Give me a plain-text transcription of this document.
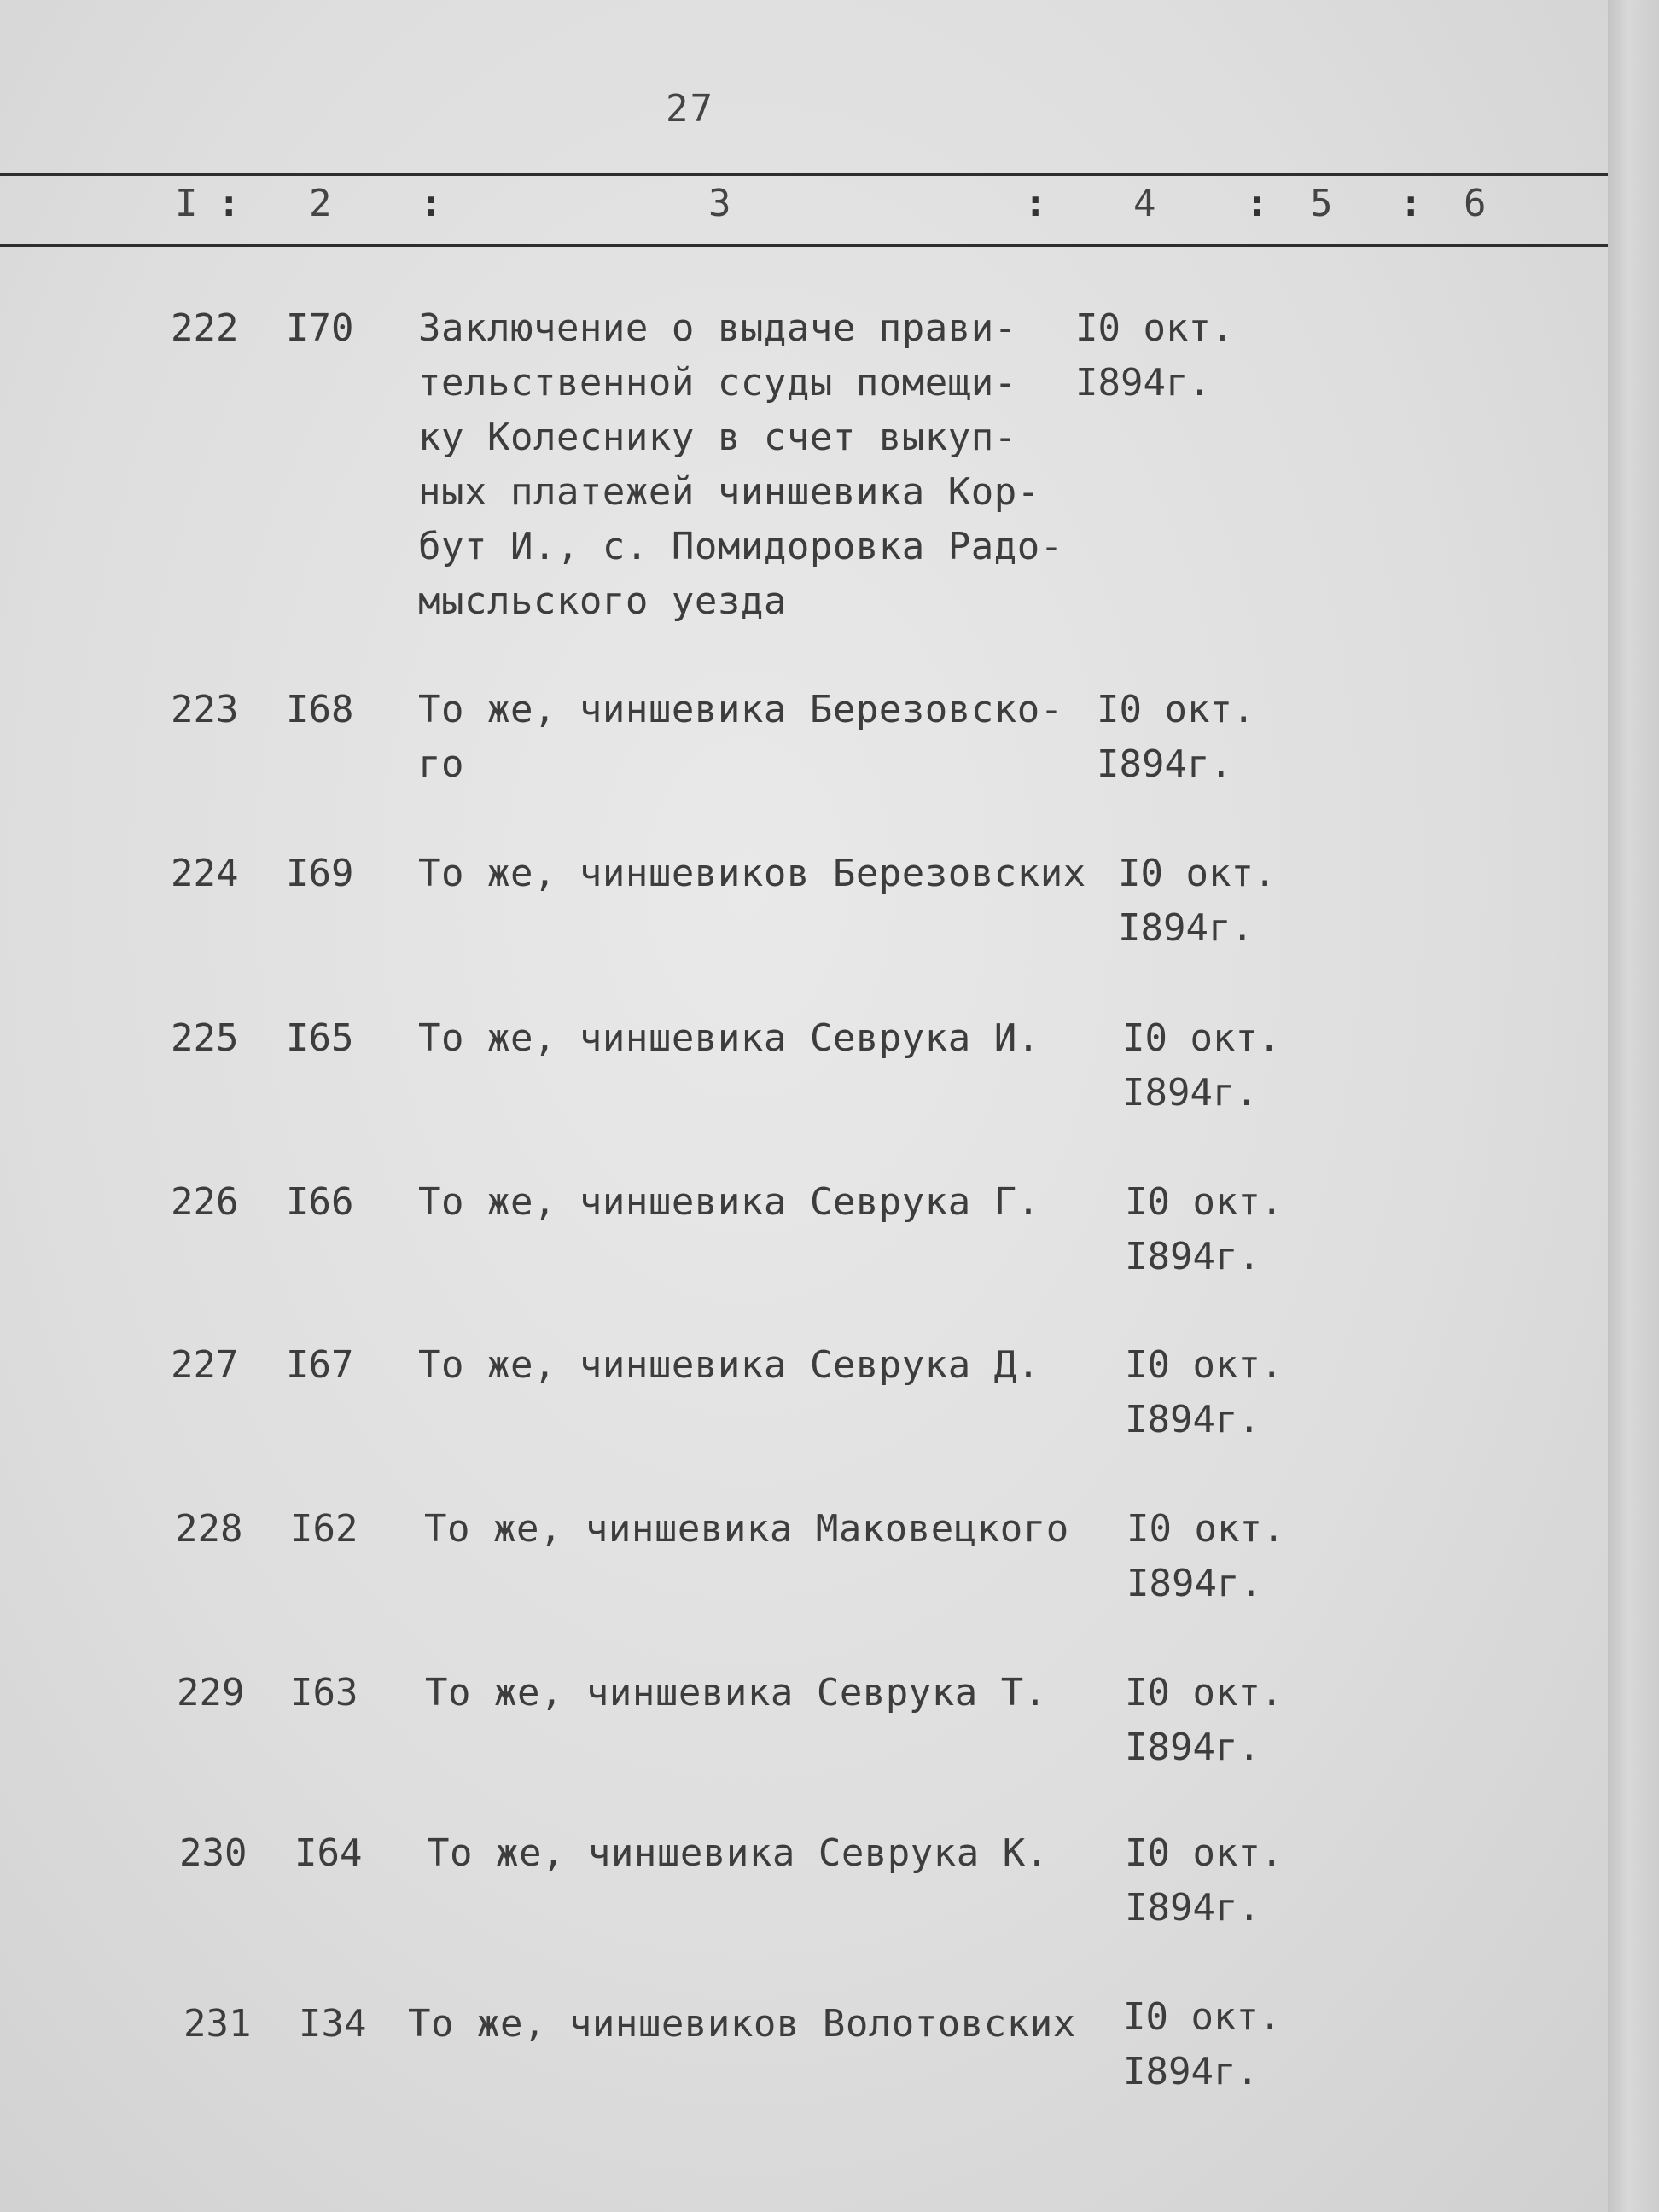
27
I : 2 :	3	: 4 : 5 : 6
222 I70 Заключение о выдаче прави-
тельственной ссуды помещи-
ку Колеснику в счет выкуп-
ных платежей чиншевика Кор-
бут И., с. Помидоровка Радо-
мысльского уезда
I0 окт.
I894г.
223 I68 То же, чиншевика Березовско-
го
I0 окт.
I894г.
224 I69 То же, чиншевиков Березовских I0 окт.
I894г.
225 I65 То же, чиншевика Севрука И.	I0 окт.
I894г.
226 I66 То же, чиншевика Севрука Г.	I0 окт.
I894г.
227 I67 То же, чиншевика Севрука Д.	I0 окт.
I894г.
228 I62 То же, чиншевика Маковецкого	I0 окт.
I894г.
229 I63 То же, чиншевика Севрука Т.	I0 окт.
I894г.
230 I64 То же, чиншевика Севрука К.	I0 окт.
I894г.
231 I34 То же, чиншевиков Волотовских I0 окт.
I894г.
